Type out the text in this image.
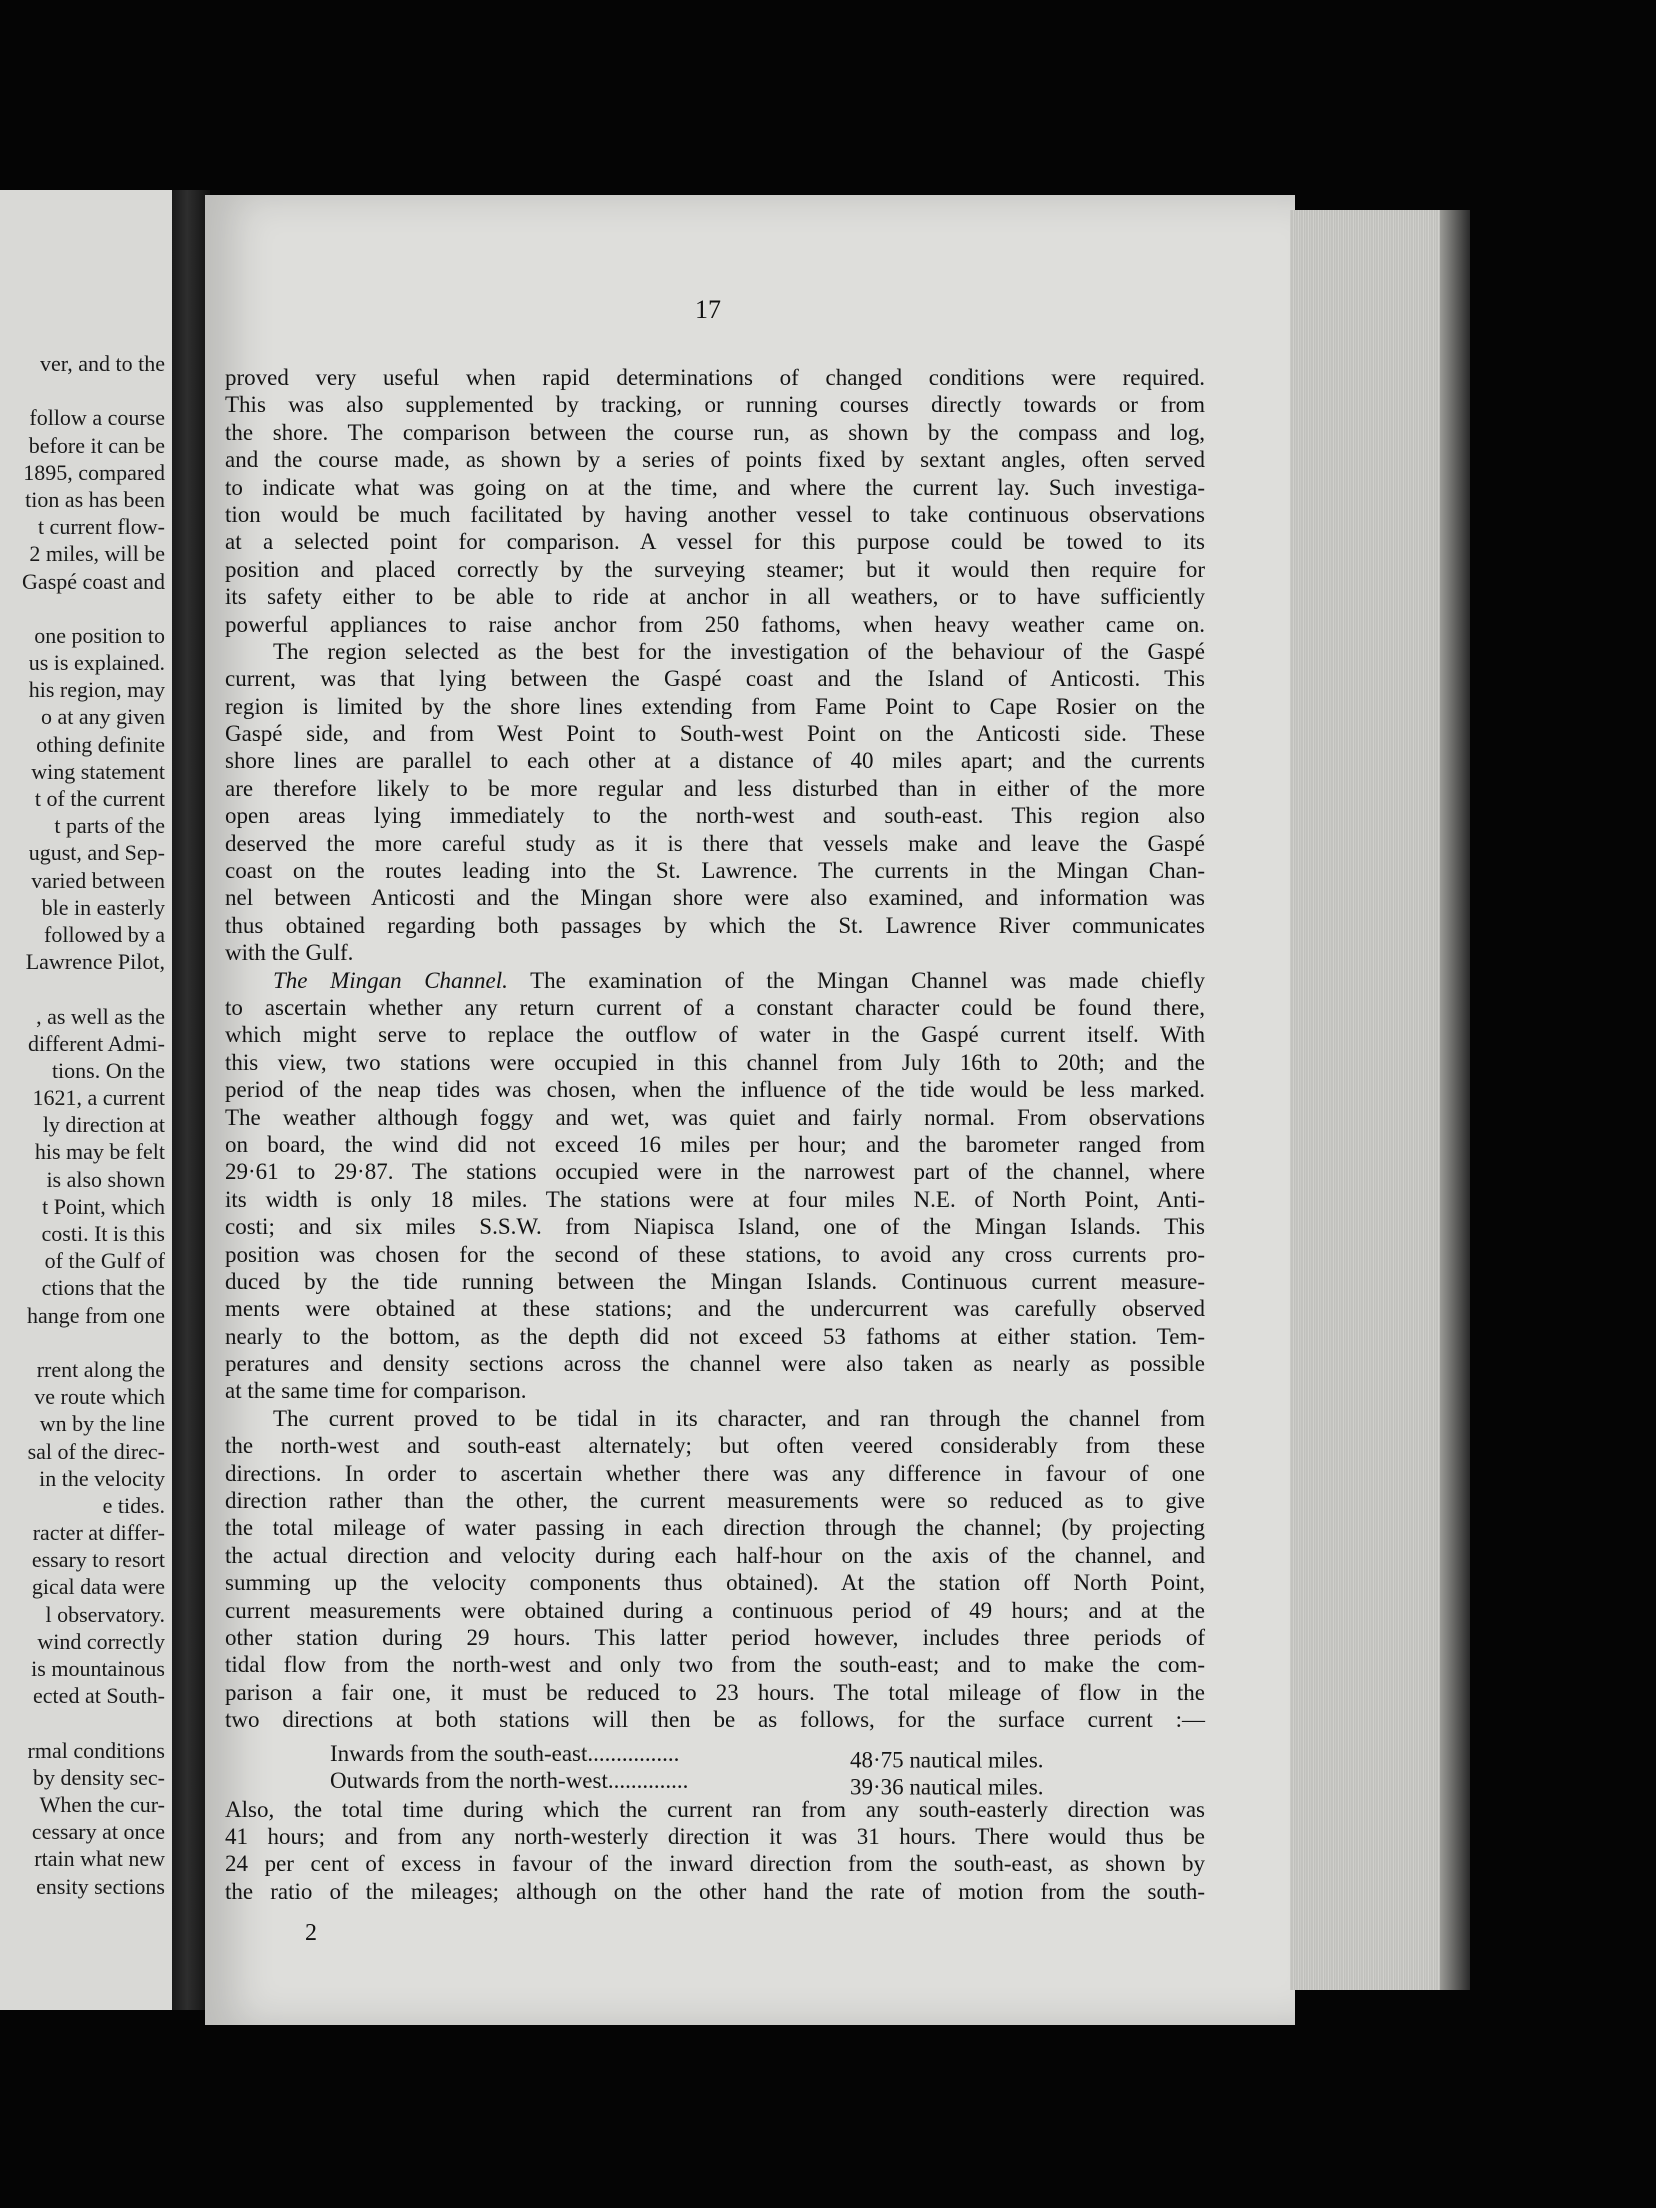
ver, and to the
follow a course
before it can be
1895, compared
tion as has been
t current flow-
2 miles, will be
Gaspé coast and
one position to
us is explained.
his region, may
o at any given
othing definite
wing statement
t of the current
t parts of the
ugust, and Sep-
varied between
ble in easterly
followed by a
Lawrence Pilot,
, as well as the
different Admi-
tions. On the
1621, a current
ly direction at
his may be felt
is also shown
t Point, which
costi. It is this
of the Gulf of
ctions that the
hange from one
rrent along the
ve route which
wn by the line
sal of the direc-
in the velocity
e tides.
racter at differ-
essary to resort
gical data were
l observatory.
wind correctly
is mountainous
ected at South-
rmal conditions
by density sec-
When the cur-
cessary at once
rtain what new
ensity sections
17
proved very useful when rapid determinations of changed conditions were required.
This was also supplemented by tracking, or running courses directly towards or from
the shore. The comparison between the course run, as shown by the compass and log,
and the course made, as shown by a series of points fixed by sextant angles, often served
to indicate what was going on at the time, and where the current lay. Such investiga-
tion would be much facilitated by having another vessel to take continuous observations
at a selected point for comparison. A vessel for this purpose could be towed to its
position and placed correctly by the surveying steamer; but it would then require for
its safety either to be able to ride at anchor in all weathers, or to have sufficiently
powerful appliances to raise anchor from 250 fathoms, when heavy weather came on.
The region selected as the best for the investigation of the behaviour of the Gaspé
current, was that lying between the Gaspé coast and the Island of Anticosti. This
region is limited by the shore lines extending from Fame Point to Cape Rosier on the
Gaspé side, and from West Point to South-west Point on the Anticosti side. These
shore lines are parallel to each other at a distance of 40 miles apart; and the currents
are therefore likely to be more regular and less disturbed than in either of the more
open areas lying immediately to the north-west and south-east. This region also
deserved the more careful study as it is there that vessels make and leave the Gaspé
coast on the routes leading into the St. Lawrence. The currents in the Mingan Chan-
nel between Anticosti and the Mingan shore were also examined, and information was
thus obtained regarding both passages by which the St. Lawrence River communicates
with the Gulf.
The Mingan Channel. The examination of the Mingan Channel was made chiefly
to ascertain whether any return current of a constant character could be found there,
which might serve to replace the outflow of water in the Gaspé current itself. With
this view, two stations were occupied in this channel from July 16th to 20th; and the
period of the neap tides was chosen, when the influence of the tide would be less marked.
The weather although foggy and wet, was quiet and fairly normal. From observations
on board, the wind did not exceed 16 miles per hour; and the barometer ranged from
29·61 to 29·87. The stations occupied were in the narrowest part of the channel, where
its width is only 18 miles. The stations were at four miles N.E. of North Point, Anti-
costi; and six miles S.S.W. from Niapisca Island, one of the Mingan Islands. This
position was chosen for the second of these stations, to avoid any cross currents pro-
duced by the tide running between the Mingan Islands. Continuous current measure-
ments were obtained at these stations; and the undercurrent was carefully observed
nearly to the bottom, as the depth did not exceed 53 fathoms at either station. Tem-
peratures and density sections across the channel were also taken as nearly as possible
at the same time for comparison.
The current proved to be tidal in its character, and ran through the channel from
the north-west and south-east alternately; but often veered considerably from these
directions. In order to ascertain whether there was any difference in favour of one
direction rather than the other, the current measurements were so reduced as to give
the total mileage of water passing in each direction through the channel; (by projecting
the actual direction and velocity during each half-hour on the axis of the channel, and
summing up the velocity components thus obtained). At the station off North Point,
current measurements were obtained during a continuous period of 49 hours; and at the
other station during 29 hours. This latter period however, includes three periods of
tidal flow from the north-west and only two from the south-east; and to make the com-
parison a fair one, it must be reduced to 23 hours. The total mileage of flow in the
two directions at both stations will then be as follows, for the surface current :—
Inwards from the south-east................	48·75 nautical miles.
Outwards from the north-west..............	39·36 nautical miles.
Also, the total time during which the current ran from any south-easterly direction was
41 hours; and from any north-westerly direction it was 31 hours. There would thus be
24 per cent of excess in favour of the inward direction from the south-east, as shown by
the ratio of the mileages; although on the other hand the rate of motion from the south-
2
